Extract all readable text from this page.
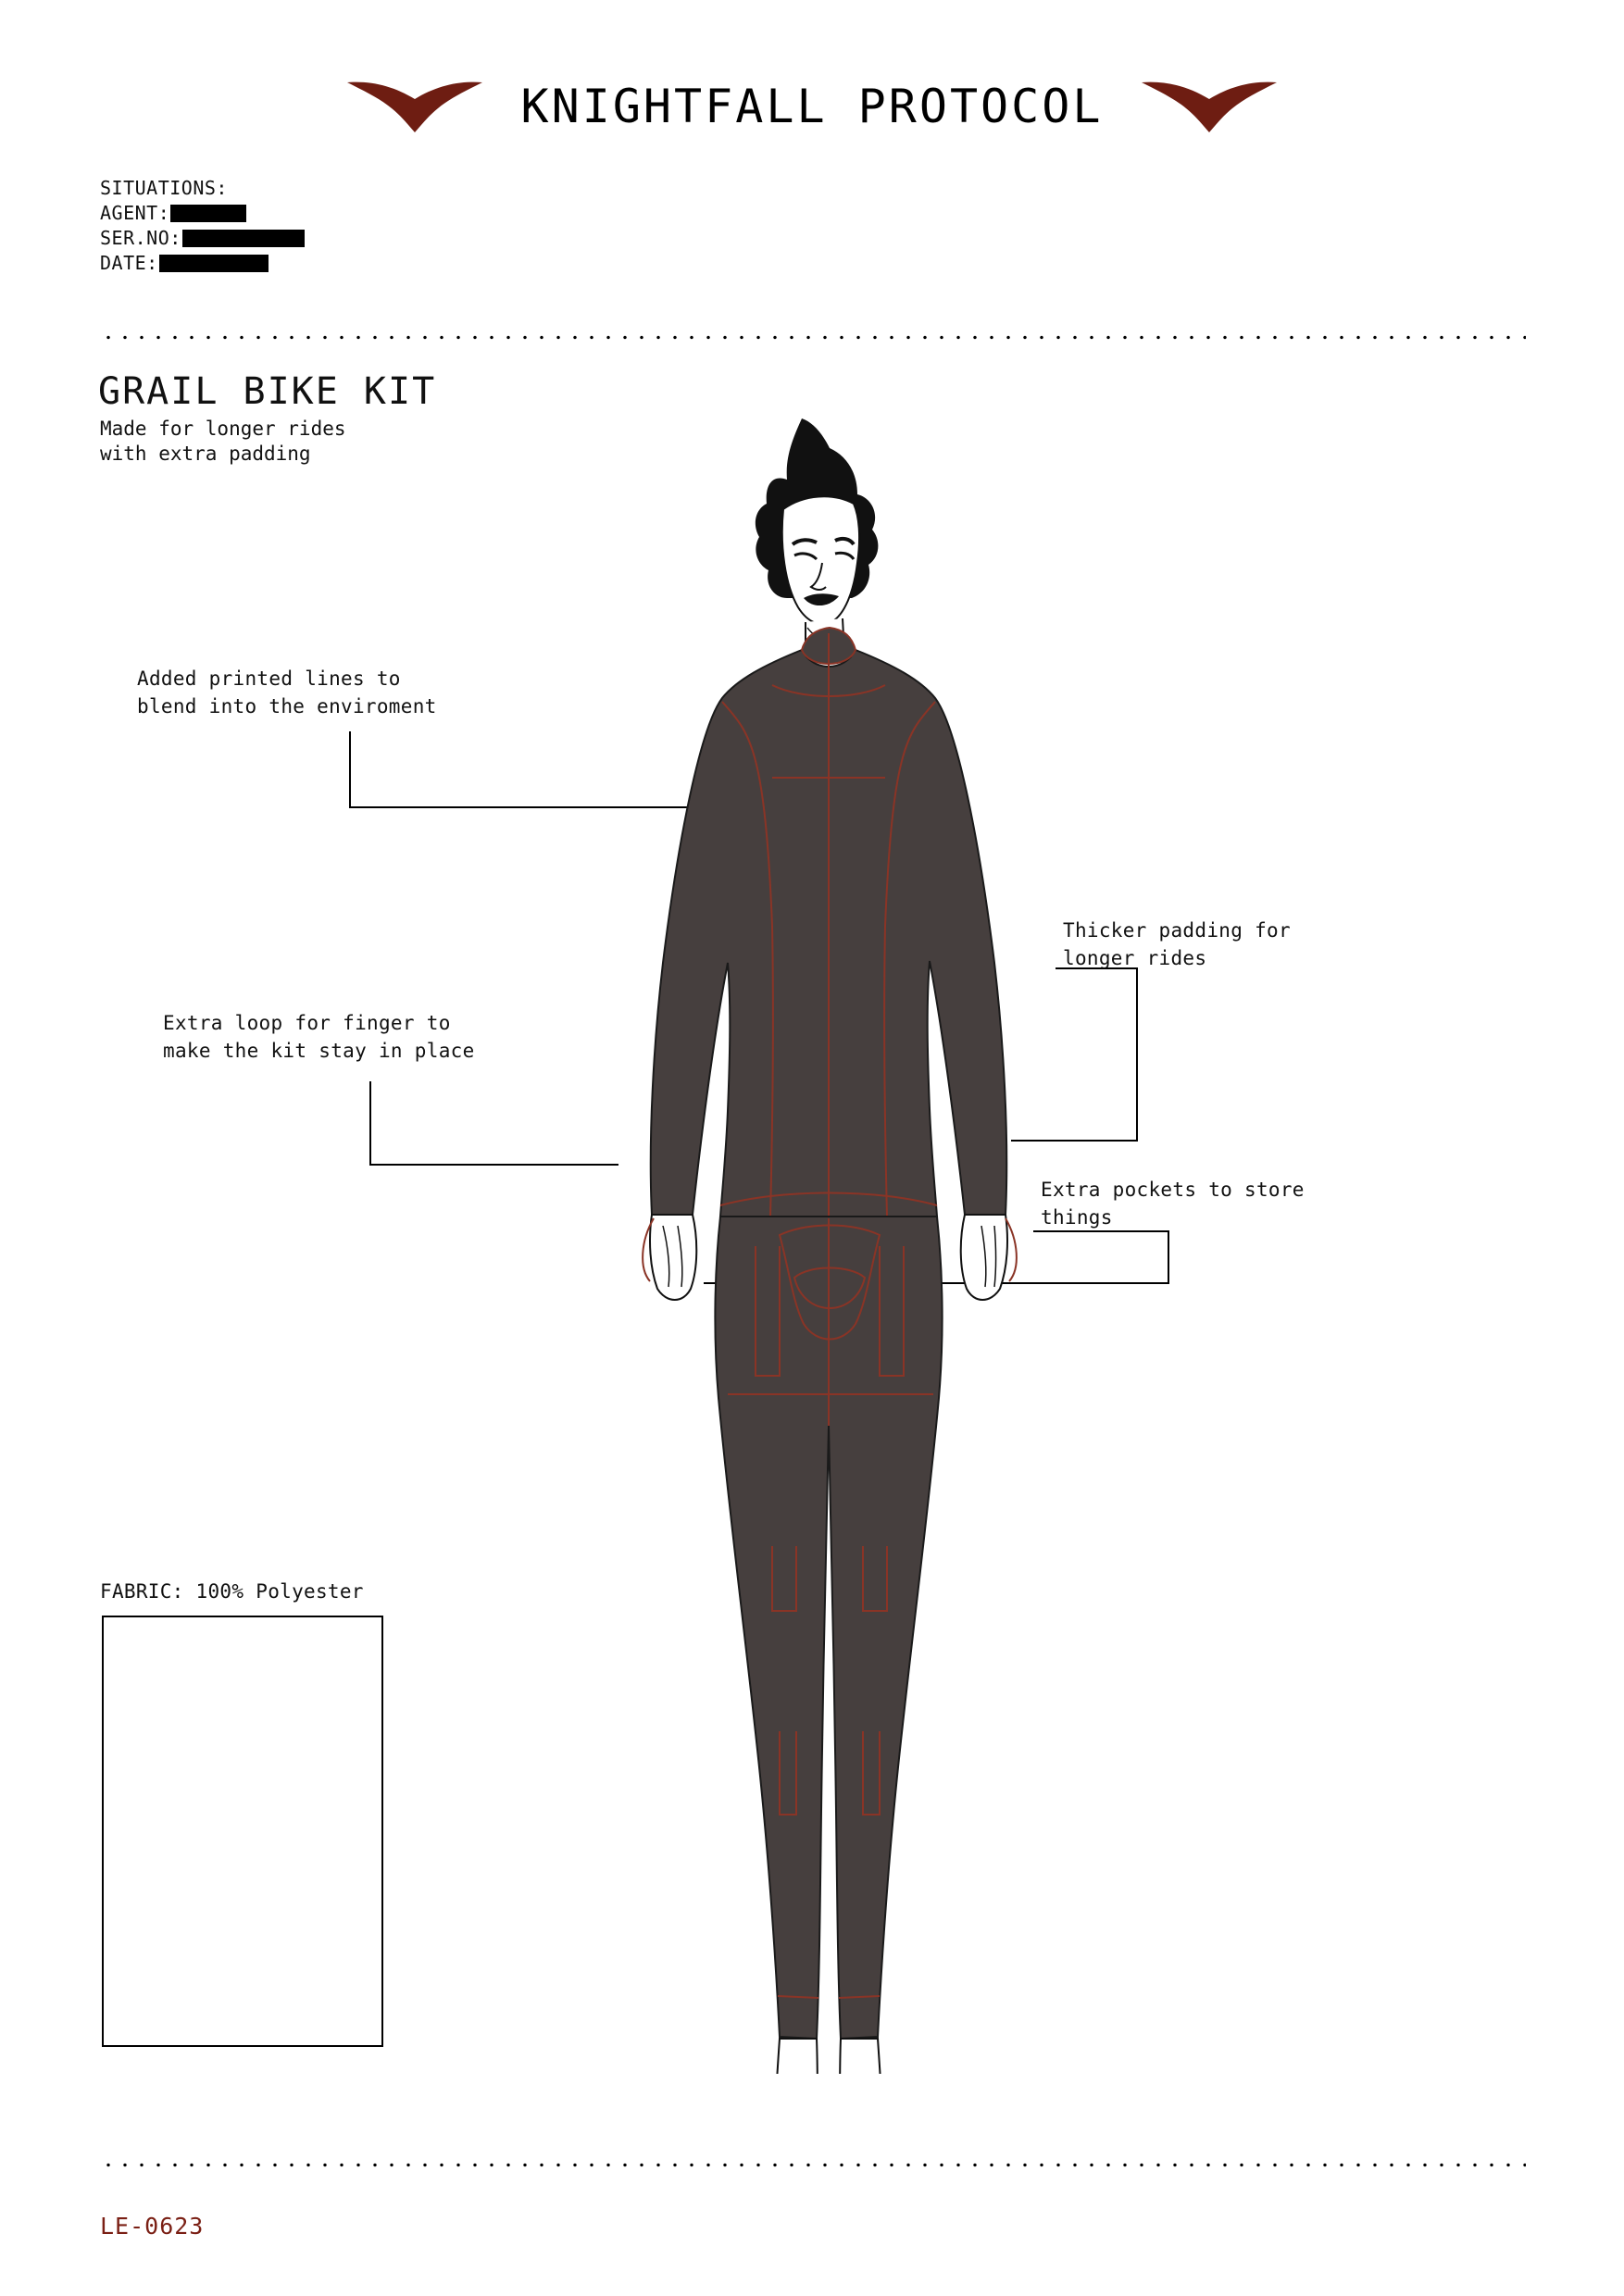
KNIGHTFALL PROTOCOL
SITUATIONS:
AGENT:
SER.NO:
DATE:
GRAIL BIKE KIT
Made for longer rides
with extra padding
Added printed lines to
blend into the enviroment
Thicker padding for
longer rides
Extra loop for finger to
make the kit stay in place
Extra pockets to store
things
FABRIC: 100% Polyester
LE-0623
